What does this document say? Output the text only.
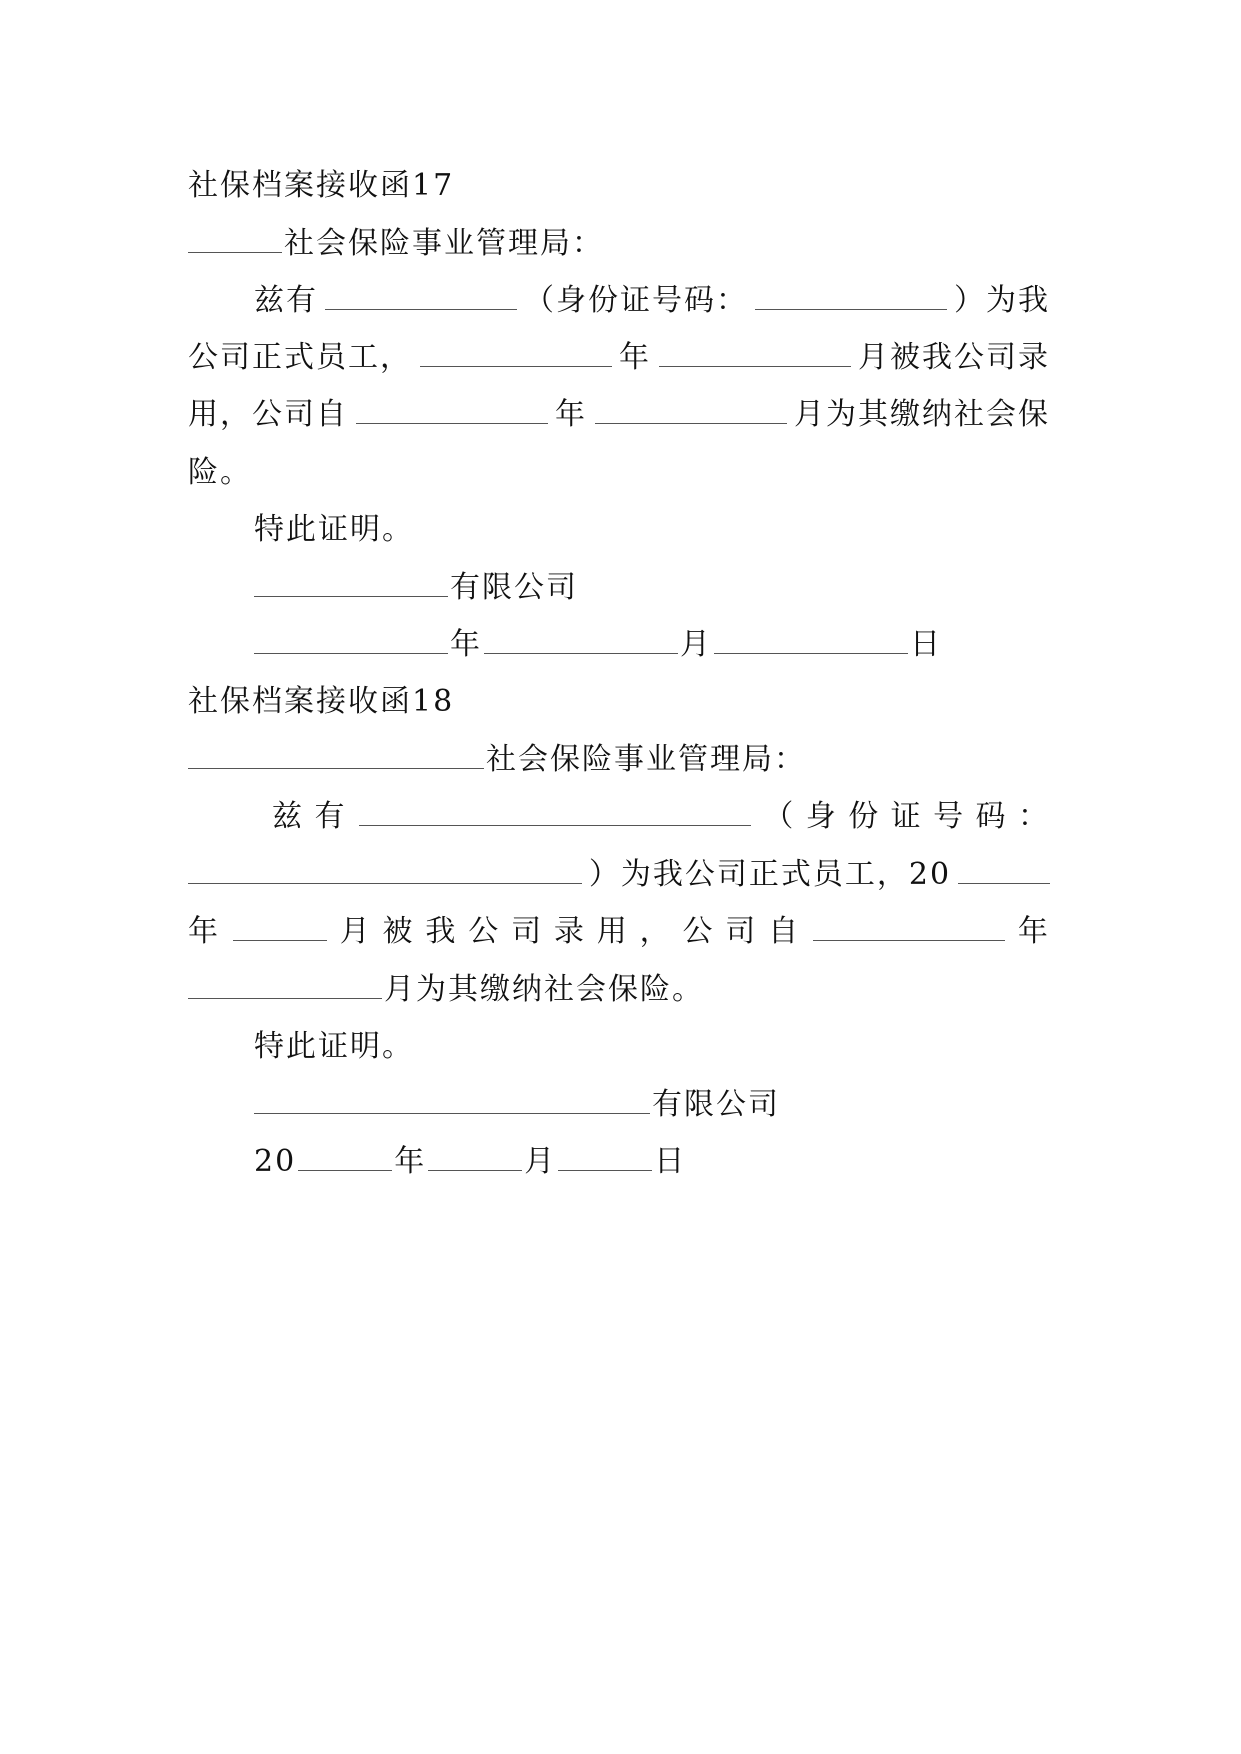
社保档案接收函17
社会保险事业管理局：
兹有	（身份证号码：	）为我
公司正式员工，	年	月被我公司录
用，公司自	年	月为其缴纳社会保
险。
特此证明。
有限公司
年	月	日
社保档案接收函18
社会保险事业管理局：
兹 有	（ 身 份 证 号 码 ：
）为我公司正式员工，20
年	月 被 我 公 司 录 用 ， 公 司 自	年
月为其缴纳社会保险。
特此证明。
有限公司
20	年	月	日
